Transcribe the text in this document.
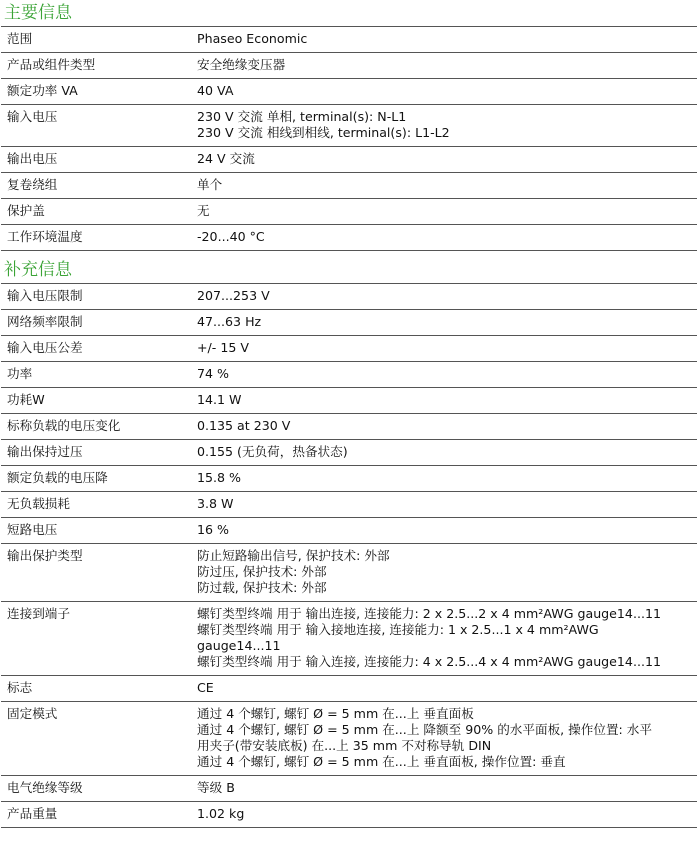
主要信息
范围	Phaseo Economic

产品或组件类型	安全绝缘变压器

额定功率 VA	40 VA

输入电压	230 V 交流 单相, terminal(s): N-L1
230 V 交流 相线到相线, terminal(s): L1-L2

输出电压	24 V 交流

复卷绕组	单个

保护盖	无

工作环境温度	-20...40 °C
补充信息
输入电压限制	207...253 V

网络频率限制	47...63 Hz

输入电压公差	+/- 15 V

功率	74 %

功耗W	14.1 W

标称负载的电压变化	0.135 at 230 V

输出保持过压	0.155 (无负荷，热备状态)

额定负载的电压降	15.8 %

无负载损耗	3.8 W

短路电压	16 %

输出保护类型	防止短路输出信号, 保护技术: 外部
防过压, 保护技术: 外部
防过载, 保护技术: 外部

连接到端子	螺钉类型终端 用于 输出连接, 连接能力: 2 x 2.5...2 x 4 mm²AWG gauge14...11
螺钉类型终端 用于 输入接地连接, 连接能力: 1 x 2.5...1 x 4 mm²AWG
gauge14...11
螺钉类型终端 用于 输入连接, 连接能力: 4 x 2.5...4 x 4 mm²AWG gauge14...11

标志	CE

固定模式	通过 4 个螺钉, 螺钉 Ø = 5 mm 在...上 垂直面板
通过 4 个螺钉, 螺钉 Ø = 5 mm 在...上 降额至 90% 的水平面板, 操作位置: 水平
用夹子(带安装底板) 在...上 35 mm 不对称导轨 DIN
通过 4 个螺钉, 螺钉 Ø = 5 mm 在...上 垂直面板, 操作位置: 垂直

电气绝缘等级	等级 B

产品重量	1.02 kg
